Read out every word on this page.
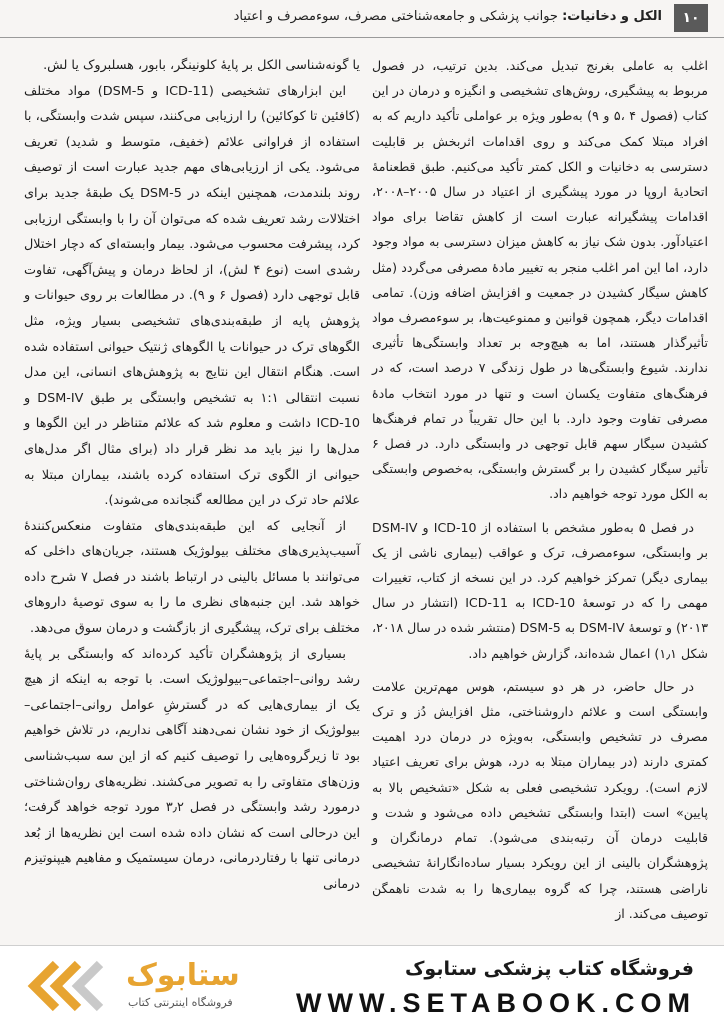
۱۰
الکل و دخانیات: جوانب پزشکی و جامعه‌شناختی مصرف، سوءمصرف و اعتیاد

اغلب به عاملی بغرنج تبدیل می‌کند. بدین ترتیب، در فصول مربوط به پیشگیری، روش‌های تشخیصی و انگیزه و درمان در این کتاب (فصول ۴ ،۵ و ۹) به‌طور ویژه بر عواملی تأکید داریم که به افراد مبتلا کمک می‌کند و روی اقدامات اثربخش بر قابلیت دسترسی به دخانیات و الکل کمتر تأکید می‌کنیم. طبق قطعنامهٔ اتحادیهٔ اروپا در مورد پیشگیری از اعتیاد در سال ۲۰۰۵–۲۰۰۸، اقدامات پیشگیرانه عبارت است از کاهش تقاضا برای مواد اعتیادآور. بدون شک نیاز به کاهش میزان دسترسی به مواد وجود دارد، اما این امر اغلب منجر به تغییر مادهٔ مصرفی می‌گردد (مثل کاهش سیگار کشیدن در جمعیت و افزایش اضافه وزن). تمامی اقدامات دیگر، همچون قوانین و ممنوعیت‌ها، بر سوءمصرف مواد تأثیرگذار هستند، اما به هیچ‌وجه بر تعداد وابستگی‌ها تأثیری ندارند. شیوع وابستگی‌ها در طول زندگی ۷ درصد است، که در فرهنگ‌های متفاوت یکسان است و تنها در مورد انتخاب مادهٔ مصرفی تفاوت وجود دارد. با این حال تقریباً در تمام فرهنگ‌ها کشیدن سیگار سهم قابل توجهی در وابستگی دارد. در فصل ۶ تأثیر سیگار کشیدن را بر گسترش وابستگی، به‌خصوص وابستگی به الکل مورد توجه خواهیم داد.

در فصل ۵ به‌طور مشخص با استفاده از ICD-10 و DSM-IV بر وابستگی، سوءمصرف، ترک و عواقب (بیماری ناشی از یک بیماری دیگر) تمرکز خواهیم کرد. در این نسخه از کتاب، تغییرات مهمی را که در توسعهٔ ICD-10 به ICD-11 (انتشار در سال ۲۰۱۳) و توسعهٔ DSM-IV به DSM-5 (منتشر شده در سال ۲۰۱۸، شکل ۱٫۱) اعمال شده‌اند، گزارش خواهیم داد.

در حال حاضر، در هر دو سیستم، هوس مهم‌ترین علامت وابستگی است و علائم داروشناختی، مثل افزایش دُز و ترک مصرف در تشخیص وابستگی، به‌ویژه در درمان درد اهمیت کمتری دارند (در بیماران مبتلا به درد، هوش برای تعریف اعتیاد لازم است). رویکرد تشخیصی فعلی به شکل «تشخیص بالا به پایین» است (ابتدا وابستگی تشخیص داده می‌شود و شدت و قابلیت درمان آن رتبه‌بندی می‌شود). تمام درمانگران و پژوهشگران بالینی از این رویکرد بسیار ساده‌انگارانهٔ تشخیصی ناراضی هستند، چرا که گروه بیماری‌ها را به شدت ناهمگن توصیف می‌کند. از

یا گونه‌شناسی الکل بر پایهٔ کلونینگر، بابور، هسلبروک یا لش.

این ابزارهای تشخیصی (ICD-11 و DSM-5) مواد مختلف (کافئین تا کوکائین) را ارزیابی می‌کنند، سپس شدت وابستگی، با استفاده از فراوانی علائم (خفیف، متوسط و شدید) تعریف می‌شود. یکی از ارزیابی‌های مهم جدید عبارت است از توصیف روند بلندمدت، همچنین اینکه در DSM-5 یک طبقهٔ جدید برای اختلالات رشد تعریف شده که می‌توان آن را با وابستگی ارزیابی کرد، پیشرفت محسوب می‌شود. بیمار وابسته‌ای که دچار اختلال رشدی است (نوع ۴ لش)، از لحاظ درمان و پیش‌آگهی، تفاوت قابل توجهی دارد (فصول ۶ و ۹). در مطالعات بر روی حیوانات و پژوهش پایه از طبقه‌بندی‌های تشخیصی بسیار ویژه، مثل الگوهای ترک در حیوانات یا الگوهای ژنتیک حیوانی استفاده شده است. هنگام انتقال این نتایج به پژوهش‌های انسانی، این مدل نسبت انتقالی ۱:۱ به تشخیص وابستگی بر طبق DSM-IV و ICD-10 داشت و معلوم شد که علائم متناظر در این الگوها و مدل‌ها را نیز باید مد نظر قرار داد (برای مثال اگر مدل‌های حیوانی از الگوی ترک استفاده کرده باشند، بیماران مبتلا به علائم حاد ترک در این مطالعه گنجانده می‌شوند).

از آنجایی که این طبقه‌بندی‌های متفاوت منعکس‌کنندهٔ آسیب‌پذیری‌های مختلف بیولوژیک هستند، جریان‌های داخلی که می‌توانند با مسائل بالینی در ارتباط باشند در فصل ۷ شرح داده خواهد شد. این جنبه‌های نظری ما را به سوی توصیهٔ داروهای مختلف برای ترک، پیشگیری از بازگشت و درمان سوق می‌دهد.

بسیاری از پژوهشگران تأکید کرده‌اند که وابستگی بر پایهٔ رشد روانی–اجتماعی–بیولوژیک است. با توجه به اینکه از هیچ یک از بیماری‌هایی که در گسترشِ عوامل روانی–اجتماعی–بیولوژیک از خود نشان نمی‌دهند آگاهی نداریم، در تلاش خواهیم بود تا زیرگروه‌هایی را توصیف کنیم که از این سه سبب‌شناسی وزن‌های متفاوتی را به تصویر می‌کشند. نظریه‌های روان‌شناختی درمورد رشد وابستگی در فصل ۳٫۲ مورد توجه خواهد گرفت؛ این درحالی است که نشان داده شده است این نظریه‌ها از بُعد درمانی تنها با رفتاردرمانی، درمان سیستمیک و مفاهیم هیپنوتیزم درمانی

ستابوک
فروشگاه اینترنتی کتاب
فروشگاه کتاب پزشکی ستابوک
WWW.SETABOOK.COM
